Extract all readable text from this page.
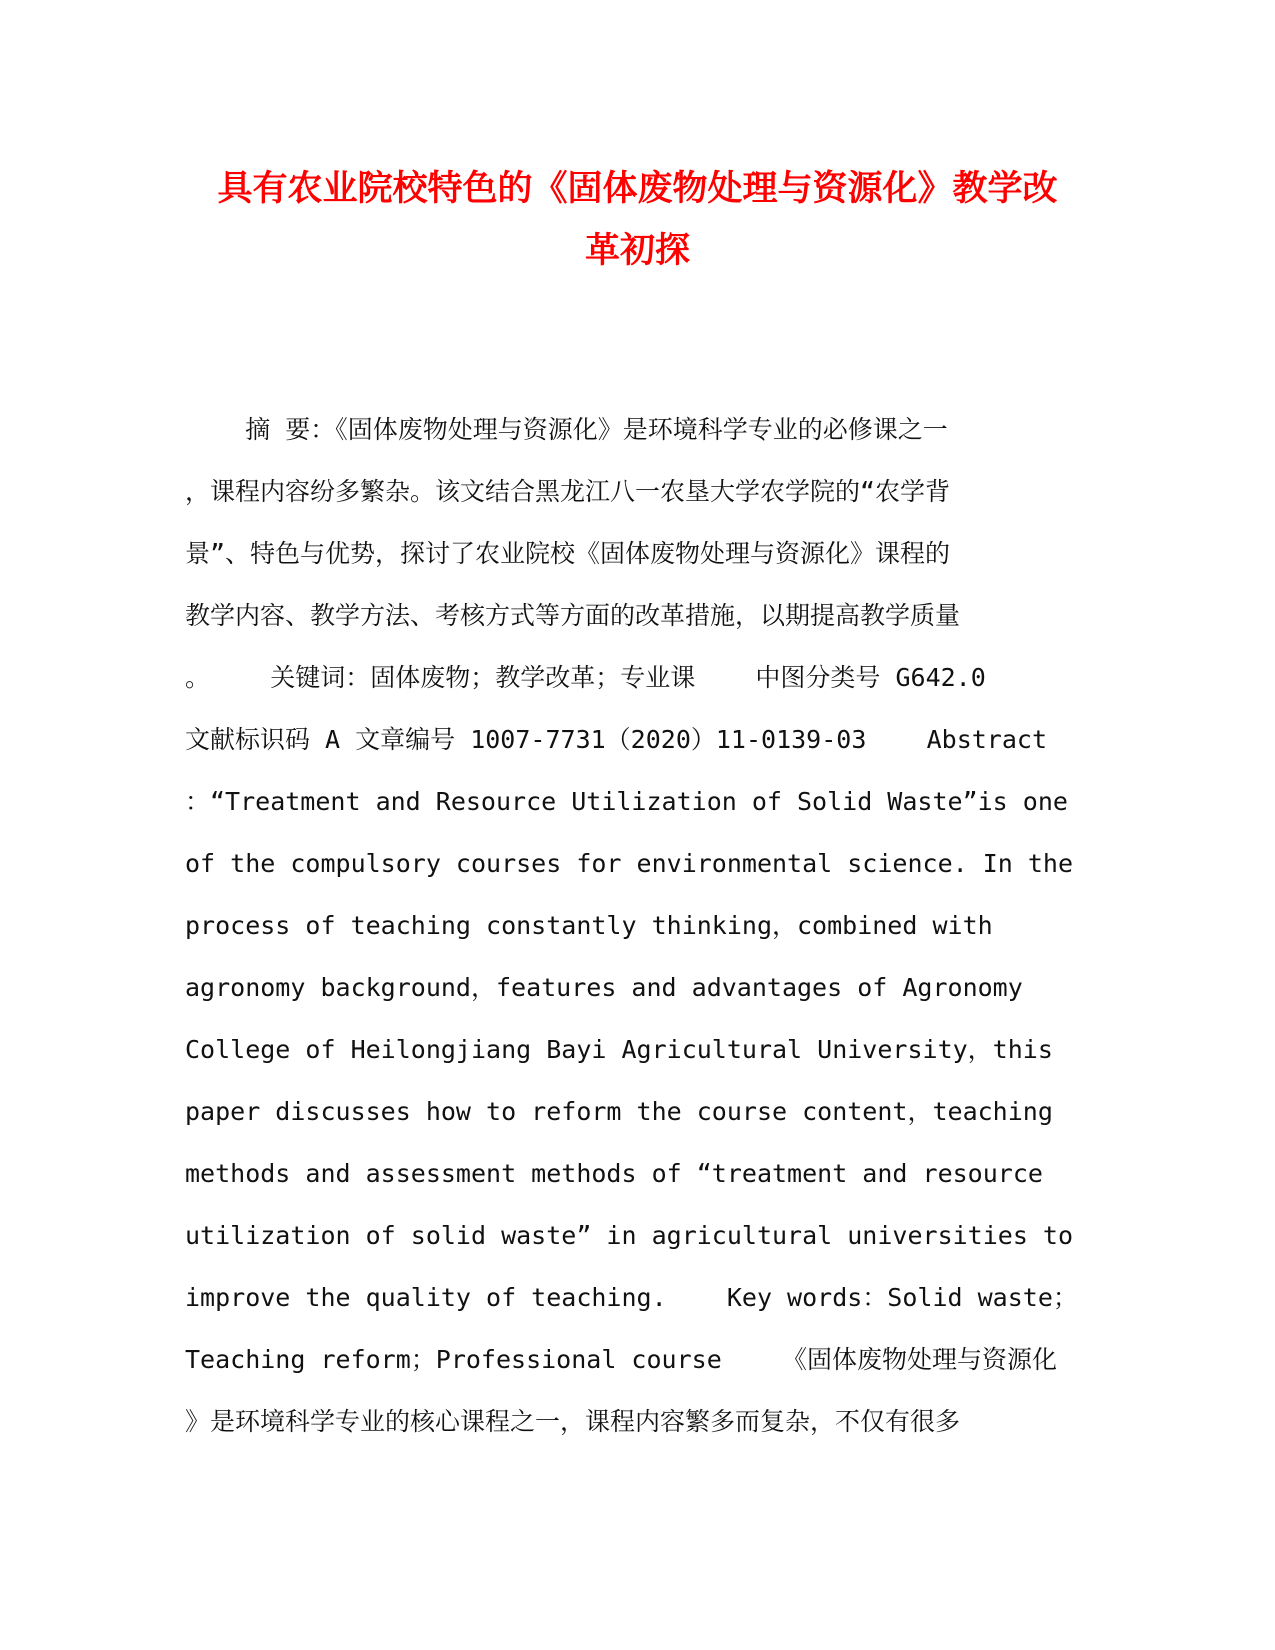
具有农业院校特色的《固体废物处理与资源化》教学改
革初探
摘 要：《固体废物处理与资源化》是环境科学专业的必修课之一
，课程内容纷多繁杂。该文结合黑龙江八一农垦大学农学院的“农学背
景”、特色与优势，探讨了农业院校《固体废物处理与资源化》课程的
教学内容、教学方法、考核方式等方面的改革措施，以期提高教学质量
。    关键词：固体废物；教学改革；专业课    中图分类号 G642.0
文献标识码 A 文章编号 1007-7731（2020）11-0139-03    Abstract
：“Treatment and Resource Utilization of Solid Waste”is one
of the compulsory courses for environmental science. In the
process of teaching constantly thinking，combined with
agronomy background，features and advantages of Agronomy
College of Heilongjiang Bayi Agricultural University，this
paper discusses how to reform the course content，teaching
methods and assessment methods of “treatment and resource
utilization of solid waste” in agricultural universities to
improve the quality of teaching.    Key words：Solid waste；
Teaching reform；Professional course    《固体废物处理与资源化
》是环境科学专业的核心课程之一，课程内容繁多而复杂，不仅有很多
